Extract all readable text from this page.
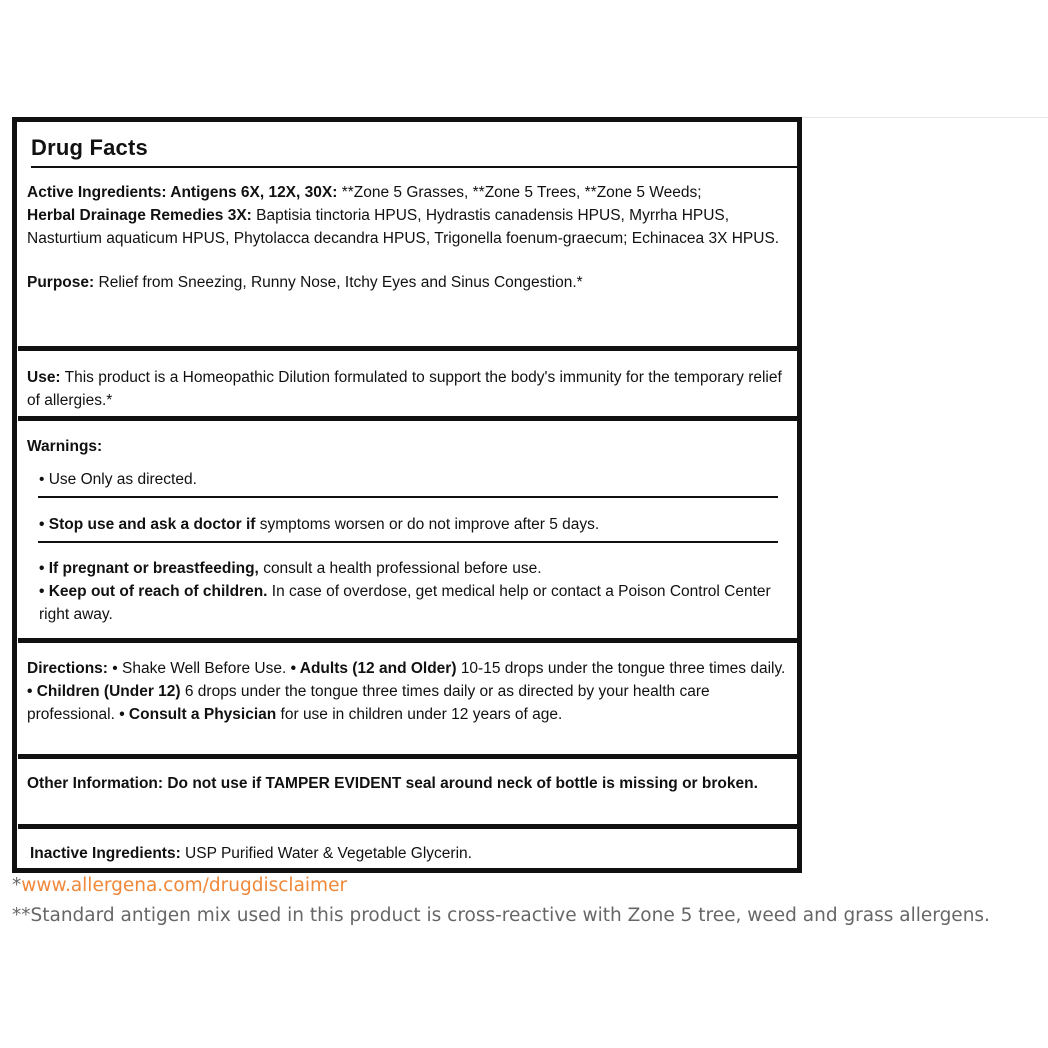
Drug Facts
Active Ingredients: Antigens 6X, 12X, 30X: **Zone 5 Grasses, **Zone 5 Trees, **Zone 5 Weeds;
Herbal Drainage Remedies 3X: Baptisia tinctoria HPUS, Hydrastis canadensis HPUS, Myrrha HPUS, Nasturtium aquaticum HPUS, Phytolacca decandra HPUS, Trigonella foenum-graecum; Echinacea 3X HPUS.
Purpose: Relief from Sneezing, Runny Nose, Itchy Eyes and Sinus Congestion.*
Use: This product is a Homeopathic Dilution formulated to support the body's immunity for the temporary relief of allergies.*
Warnings:
• Use Only as directed.
• Stop use and ask a doctor if symptoms worsen or do not improve after 5 days.
• If pregnant or breastfeeding, consult a health professional before use.
• Keep out of reach of children. In case of overdose, get medical help or contact a Poison Control Center right away.
Directions: • Shake Well Before Use. • Adults (12 and Older) 10-15 drops under the tongue three times daily. • Children (Under 12) 6 drops under the tongue three times daily or as directed by your health care professional. • Consult a Physician for use in children under 12 years of age.
Other Information: Do not use if TAMPER EVIDENT seal around neck of bottle is missing or broken.
Inactive Ingredients: USP Purified Water & Vegetable Glycerin.
*www.allergena.com/drugdisclaimer
**Standard antigen mix used in this product is cross-reactive with Zone 5 tree, weed and grass allergens.
